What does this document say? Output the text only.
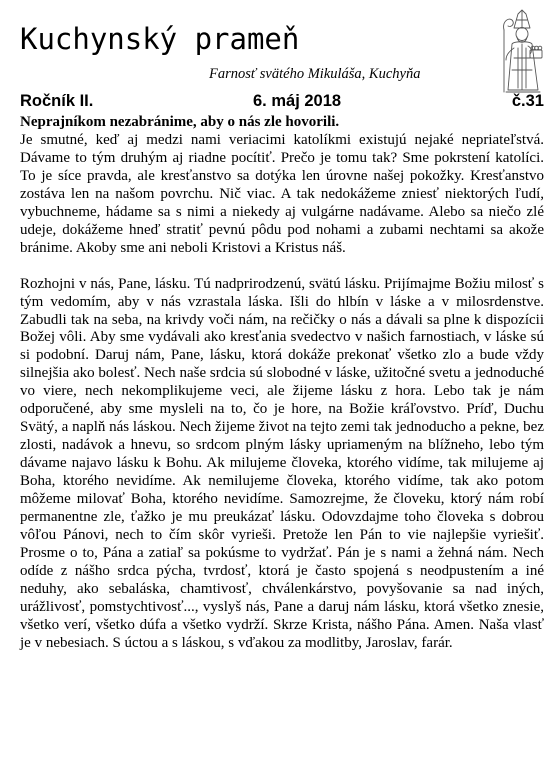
Kuchynský prameň
Farnosť svätého Mikuláša, Kuchyňa
Ročník II.	6. máj 2018	č.31

Neprajníkom nezabránime, aby o nás zle hovorili.

Je smutné, keď aj medzi nami veriacimi katolíkmi existujú nejaké nepriateľstvá. Dávame to tým druhým aj riadne pocítiť. Prečo je tomu tak? Sme pokrstení katolíci. To je síce pravda, ale kresťanstvo sa dotýka len úrovne našej pokožky. Kresťanstvo zostáva len na našom povrchu. Nič viac. A tak nedokážeme zniesť niektorých ľudí, vybuchneme, hádame sa s nimi a niekedy aj vulgárne nadávame. Alebo sa niečo zlé udeje, dokážeme hneď stratiť pevnú pôdu pod nohami a zubami nechtami sa akože bránime. Akoby sme ani neboli Kristovi a Kristus náš.

Rozhojni v nás, Pane, lásku. Tú nadprirodzenú, svätú lásku. Prijímajme Božiu milosť s tým vedomím, aby v nás vzrastala láska. Išli do hlbín v láske a v milosrdenstve. Zabudli tak na seba, na krivdy voči nám, na rečičky o nás a dávali sa plne k dispozícii Božej vôli. Aby sme vydávali ako kresťania svedectvo v našich farnostiach, v láske sú si podobní. Daruj nám, Pane, lásku, ktorá dokáže prekonať všetko zlo a bude vždy silnejšia ako bolesť. Nech naše srdcia sú slobodné v láske, užitočné svetu a jednoduché vo viere, nech nekomplikujeme veci, ale žijeme lásku z hora. Lebo tak je nám odporučené, aby sme mysleli na to, čo je hore, na Božie kráľovstvo. Príď, Duchu Svätý, a naplň nás láskou. Nech žijeme život na tejto zemi tak jednoducho a pekne, bez zlosti, nadávok a hnevu, so srdcom plným lásky upriameným na blížneho, lebo tým dávame najavo lásku k Bohu. Ak milujeme človeka, ktorého vidíme, tak milujeme aj Boha, ktorého nevidíme. Ak nemilujeme človeka, ktorého vidíme, tak ako potom môžeme milovať Boha, ktorého nevidíme. Samozrejme, že človeku, ktorý nám robí permanentne zle, ťažko je mu preukázať lásku. Odovzdajme toho človeka s dobrou vôľou Pánovi, nech to čím skôr vyrieši. Pretože len Pán to vie najlepšie vyriešiť. Prosme o to, Pána a zatiaľ sa pokúsme to vydržať. Pán je s nami a žehná nám. Nech odíde z nášho srdca pýcha, tvrdosť, ktorá je často spojená s neodpustením a iné neduhy, ako sebaláska, chamtivosť, chválenkárstvo, povyšovanie sa nad iných, urážlivosť, pomstychtivosť..., vyslyš nás, Pane a daruj nám lásku, ktorá všetko znesie, všetko verí, všetko dúfa a všetko vydrží. Skrze Krista, nášho Pána. Amen. Naša vlasť je v nebesiach. S úctou a s láskou, s vďakou za modlitby, Jaroslav, farár.
